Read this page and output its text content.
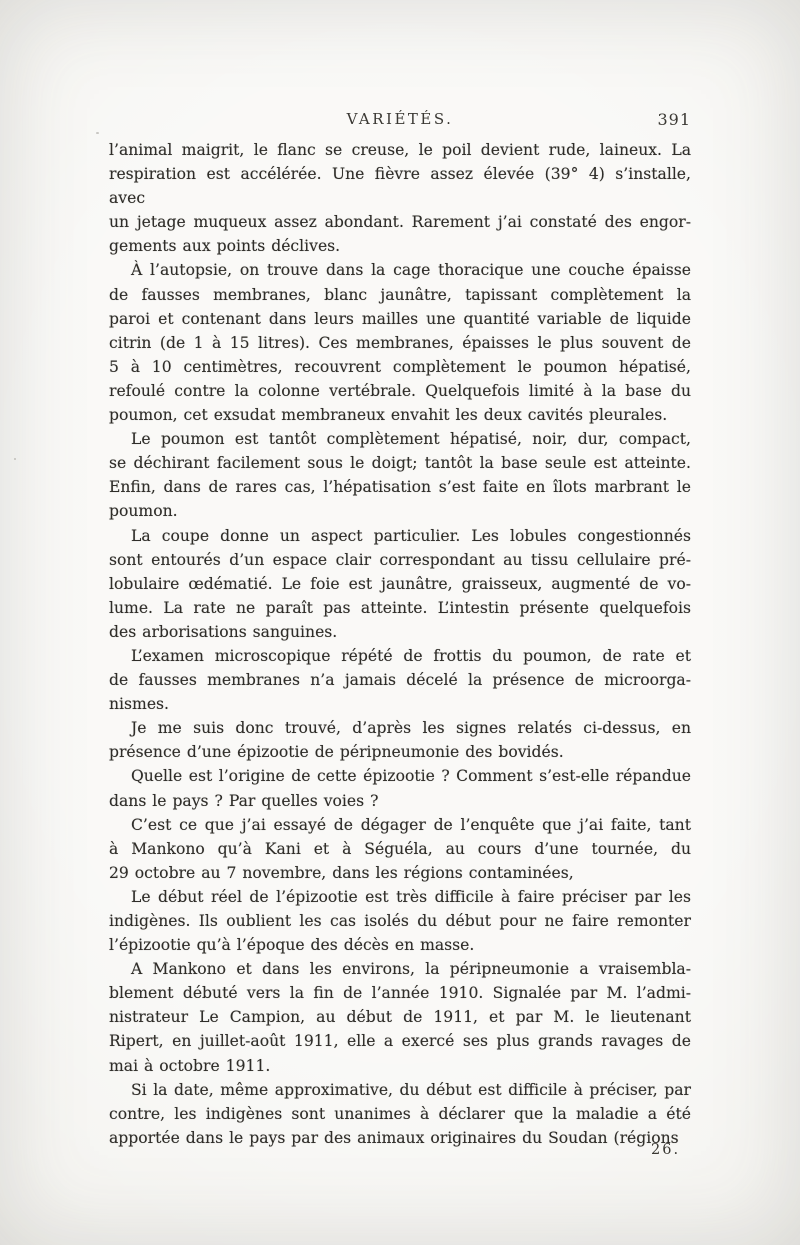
VARIÉTÉS.	391
l’animal maigrit, le flanc se creuse, le poil devient rude, laineux. La
respiration est accélérée. Une fièvre assez élevée (39° 4) s’installe, avec
un jetage muqueux assez abondant. Rarement j’ai constaté des engor-
gements aux points déclives.
À l’autopsie, on trouve dans la cage thoracique une couche épaisse
de fausses membranes, blanc jaunâtre, tapissant complètement la
paroi et contenant dans leurs mailles une quantité variable de liquide
citrin (de 1 à 15 litres). Ces membranes, épaisses le plus souvent de
5 à 10 centimètres, recouvrent complètement le poumon hépatisé,
refoulé contre la colonne vertébrale. Quelquefois limité à la base du
poumon, cet exsudat membraneux envahit les deux cavités pleurales.
Le poumon est tantôt complètement hépatisé, noir, dur, compact,
se déchirant facilement sous le doigt; tantôt la base seule est atteinte.
Enfin, dans de rares cas, l’hépatisation s’est faite en îlots marbrant le
poumon.
La coupe donne un aspect particulier. Les lobules congestionnés
sont entourés d’un espace clair correspondant au tissu cellulaire pré-
lobulaire œdématié. Le foie est jaunâtre, graisseux, augmenté de vo-
lume. La rate ne paraît pas atteinte. L’intestin présente quelquefois
des arborisations sanguines.
L’examen microscopique répété de frottis du poumon, de rate et
de fausses membranes n’a jamais décelé la présence de microorga-
nismes.
Je me suis donc trouvé, d’après les signes relatés ci-dessus, en
présence d’une épizootie de péripneumonie des bovidés.
Quelle est l’origine de cette épizootie ? Comment s’est-elle répandue
dans le pays ? Par quelles voies ?
C’est ce que j’ai essayé de dégager de l’enquête que j’ai faite, tant
à Mankono qu’à Kani et à Séguéla, au cours d’une tournée, du
29 octobre au 7 novembre, dans les régions contaminées,
Le début réel de l’épizootie est très difficile à faire préciser par les
indigènes. Ils oublient les cas isolés du début pour ne faire remonter
l’épizootie qu’à l’époque des décès en masse.
A Mankono et dans les environs, la péripneumonie a vraisembla-
blement débuté vers la fin de l’année 1910. Signalée par M. l’admi-
nistrateur Le Campion, au début de 1911, et par M. le lieutenant
Ripert, en juillet-août 1911, elle a exercé ses plus grands ravages de
mai à octobre 1911.
Si la date, même approximative, du début est difficile à préciser, par
contre, les indigènes sont unanimes à déclarer que la maladie a été
apportée dans le pays par des animaux originaires du Soudan (régions
26.
